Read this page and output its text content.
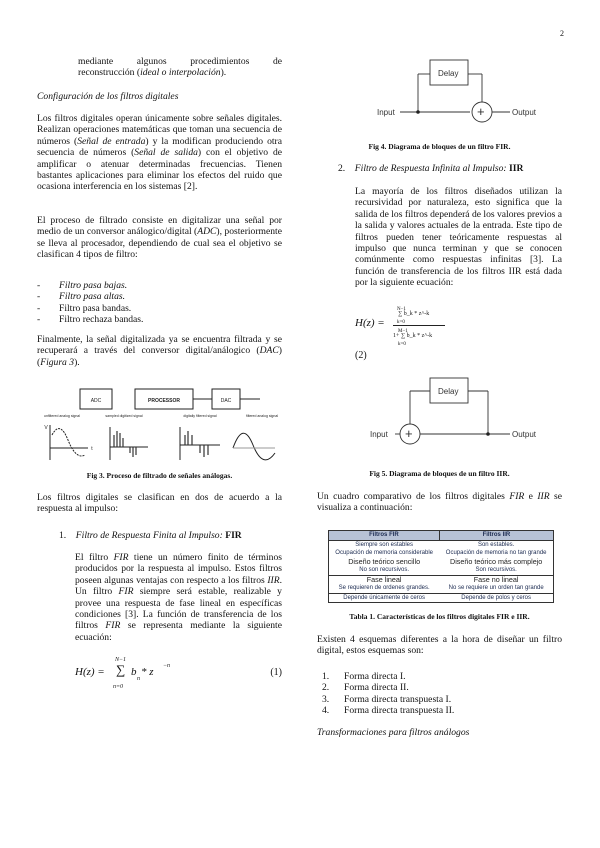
2
mediante algunos procedimientos de
reconstrucción (ideal o interpolación).
Configuración de los filtros digitales
Los filtros digitales operan únicamente sobre señales digitales. Realizan operaciones matemáticas que toman una secuencia de números (Señal de entrada) y la modifican produciendo otra secuencia de números (Señal de salida) con el objetivo de amplificar o atenuar determinadas frecuencias. Tienen bastantes aplicaciones para eliminar los efectos del ruido que ocasiona interferencia en los sistemas [2].
El proceso de filtrado consiste en digitalizar una señal por medio de un conversor análogico/digital (ADC), posteriormente se lleva al procesador, dependiendo de cual sea el objetivo se clasifican 4 tipos de filtro:
- Filtro pasa bajas.
- Filtro pasa altas.
- Filtro pasa bandas.
- Filtro rechaza bandas.
Finalmente, la señal digitalizada ya se encuentra filtrada y se recuperará a través del conversor digital/análogico (DAC) (Figura 3).
ADC	PROCESSOR	DAC
unfiltered analog signal	sampled digitized signal	digitally filtered signal	filtered analog signal
V
t
Fig 3. Proceso de filtrado de señales análogas.
Los filtros digitales se clasifican en dos de acuerdo a la respuesta al impulso:
1. Filtro de Respuesta Finita al Impulso: FIR
El filtro FIR tiene un número finito de términos producidos por la respuesta al impulso. Estos filtros poseen algunas ventajas con respecto a los filtros IIR. Un filtro FIR siempre será estable, realizable y provee una respuesta de fase lineal en específicas condiciones [3]. La función de transferencia de los filtros FIR se representa mediante la siguiente ecuación:
H(z) =
N−1
∑
n=0
b
n
* z −n
(1)
Delay
Input	Output
+
Fig 4. Diagrama de bloques de un filtro FIR.
2. Filtro de Respuesta Infinita al Impulso: IIR
La mayoría de los filtros diseñados utilizan la recursividad por naturaleza, esto significa que la salida de los filtros dependerá de los valores previos a la salida y valores actuales de la entrada. Este tipo de filtros pueden tener teóricamente respuestas al impulso que nunca terminan y que se conocen comúnmente como respuestas infinitas [3]. La función de transferencia de los filtros IIR está dada por la siguiente ecuación:
H(z) =
N−1
∑ b_k * z^-k
k=0
M−1
1+ ∑ b_k * z^-k
k=0
(2)
Delay
Input	Output
+
Fig 5. Diagrama de bloques de un filtro IIR.
Un cuadro comparativo de los filtros digitales FIR e IIR se visualiza a continuación:
Filtros FIR	Filtros IIR
Siempre son estables	Son estables.
Ocupación de memoria considerable	Ocupación de memoria no tan grande
Diseño teórico sencillo	Diseño teórico más complejo
No son recursivos.	Son recursivos.
Fase lineal	Fase no lineal
Se requieren de ordenes grandes.	No se requiere un orden tan grande
Depende únicamente de ceros	Depende de polos y ceros
Tabla 1. Características de los filtros digitales FIR e IIR.
Existen 4 esquemas diferentes a la hora de diseñar un filtro digital, estos esquemas son:
1. Forma directa I.
2. Forma directa II.
3. Forma directa transpuesta I.
4. Forma directa transpuesta II.
Transformaciones para filtros análogos
